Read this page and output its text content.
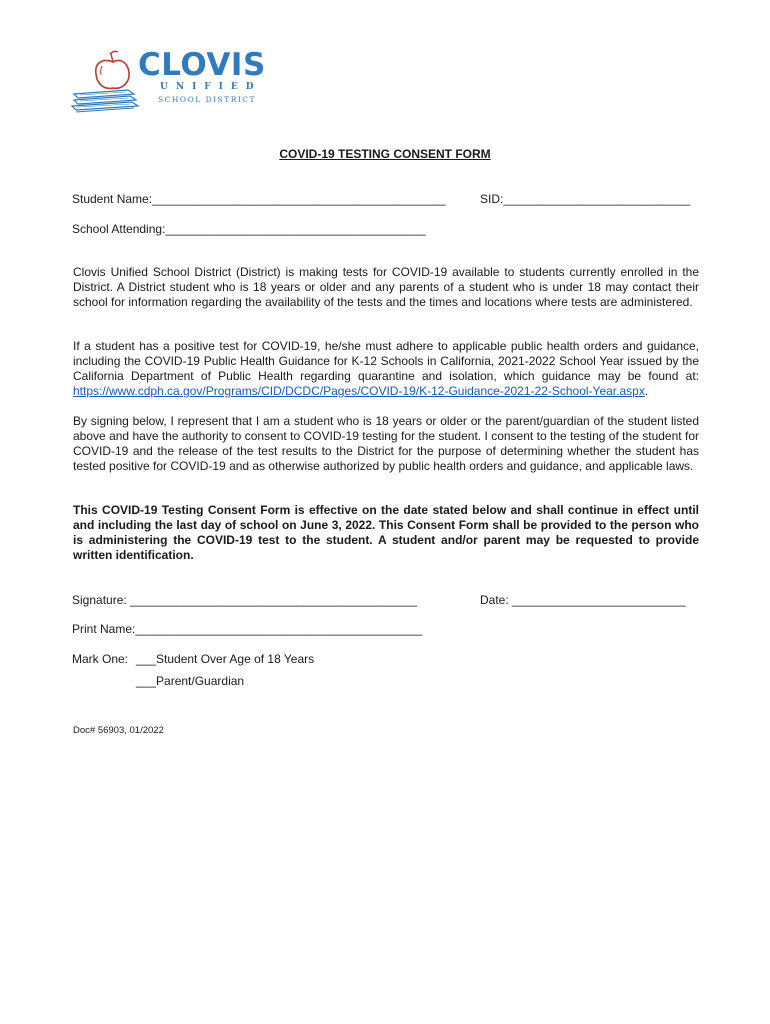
CLOVIS
UNIFIED
SCHOOL DISTRICT
COVID-19 TESTING CONSENT FORM
Student Name:____________________________________________	SID:____________________________
School Attending:_______________________________________
Clovis Unified School District (District) is making tests for COVID-19 available to students currently enrolled in the District. A District student who is 18 years or older and any parents of a student who is under 18 may contact their school for information regarding the availability of the tests and the times and locations where tests are administered.
If a student has a positive test for COVID-19, he/she must adhere to applicable public health orders and guidance, including the COVID-19 Public Health Guidance for K-12 Schools in California, 2021-2022 School Year issued by the California Department of Public Health regarding quarantine and isolation, which guidance may be found at: https://www.cdph.ca.gov/Programs/CID/DCDC/Pages/COVID-19/K-12-Guidance-2021-22-School-Year.aspx.
By signing below, I represent that I am a student who is 18 years or older or the parent/guardian of the student listed above and have the authority to consent to COVID-19 testing for the student. I consent to the testing of the student for COVID-19 and the release of the test results to the District for the purpose of determining whether the student has tested positive for COVID-19 and as otherwise authorized by public health orders and guidance, and applicable laws.
This COVID-19 Testing Consent Form is effective on the date stated below and shall continue in effect until and including the last day of school on June 3, 2022. This Consent Form shall be provided to the person who is administering the COVID-19 test to the student. A student and/or parent may be requested to provide written identification.
Signature: ___________________________________________	Date: __________________________
Print Name:___________________________________________
Mark One: ___Student Over Age of 18 Years
___Parent/Guardian
Doc# 56903, 01/2022
